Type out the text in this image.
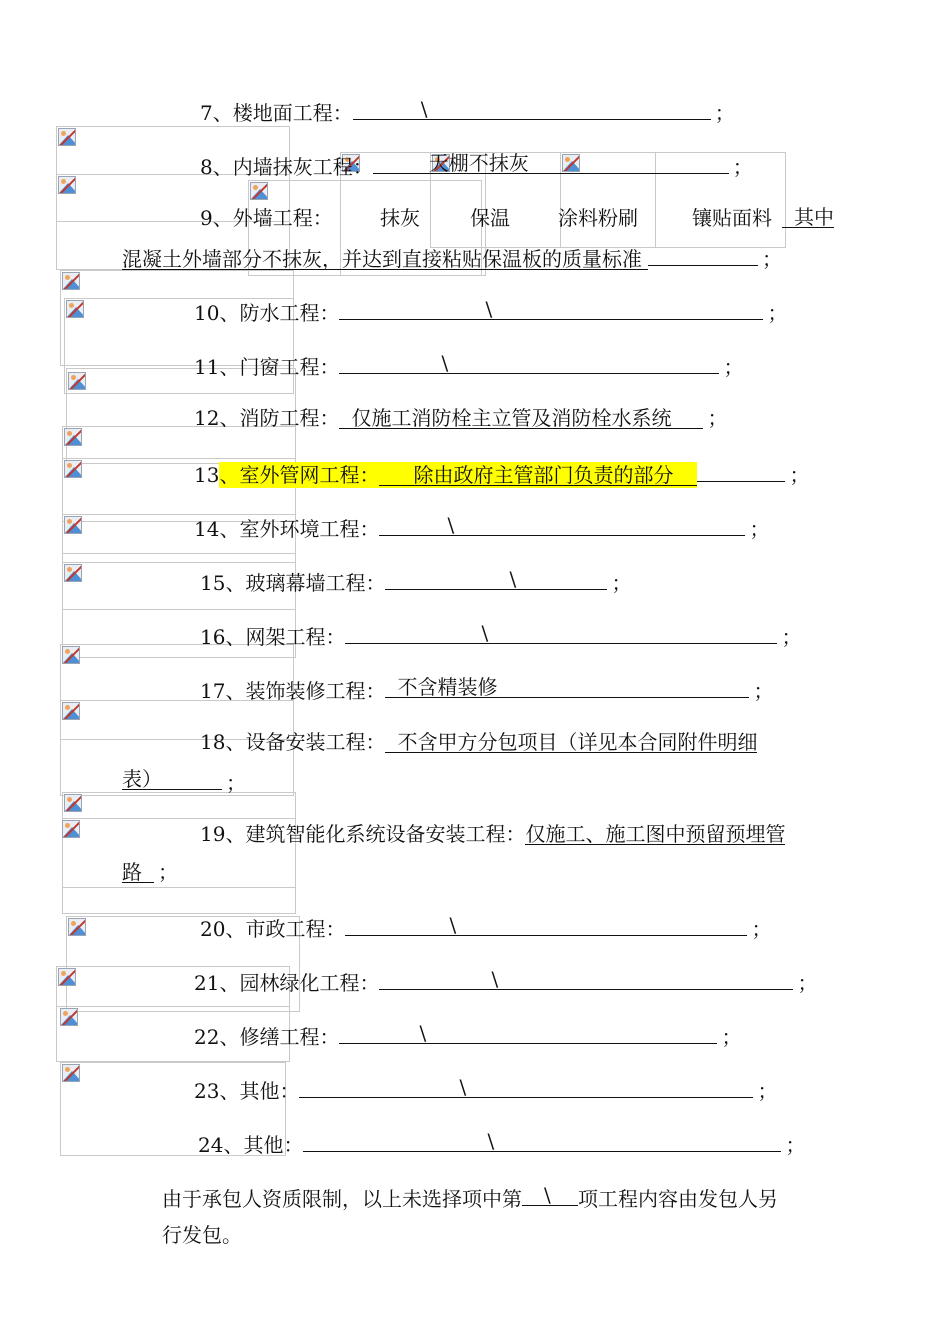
7、楼地面工程：	\	；
8、内墙抹灰工程：	天棚不抹灰	；
9、外墙工程： 抹灰	保温 涂料粉刷	镶贴面料	其中
混凝土外墙部分不抹灰，并达到直接粘贴保温板的质量标准	；
10、防水工程：	\	；
11、门窗工程：	\	；
12、消防工程： 仅施工消防栓主立管及消防栓水系统 ；
13、室外管网工程： 除由政府主管部门负责的部分	；
14、室外环境工程：	\	；
15、玻璃幕墙工程：	\	；
16、网架工程：	\	；
17、装饰装修工程： 不含精装修	；
18、设备安装工程： 不含甲方分包项目（详见本合同附件明细
表）	；
19、建筑智能化系统设备安装工程：仅施工、施工图中预留预埋管
路 ；
20、市政工程：	\	；
21、园林绿化工程：	\	；
22、修缮工程：	\	；
23、其他：	\	；
24、其他：	\	；
由于承包人资质限制，以上未选择项中第 \ 项工程内容由发包人另
行发包。
